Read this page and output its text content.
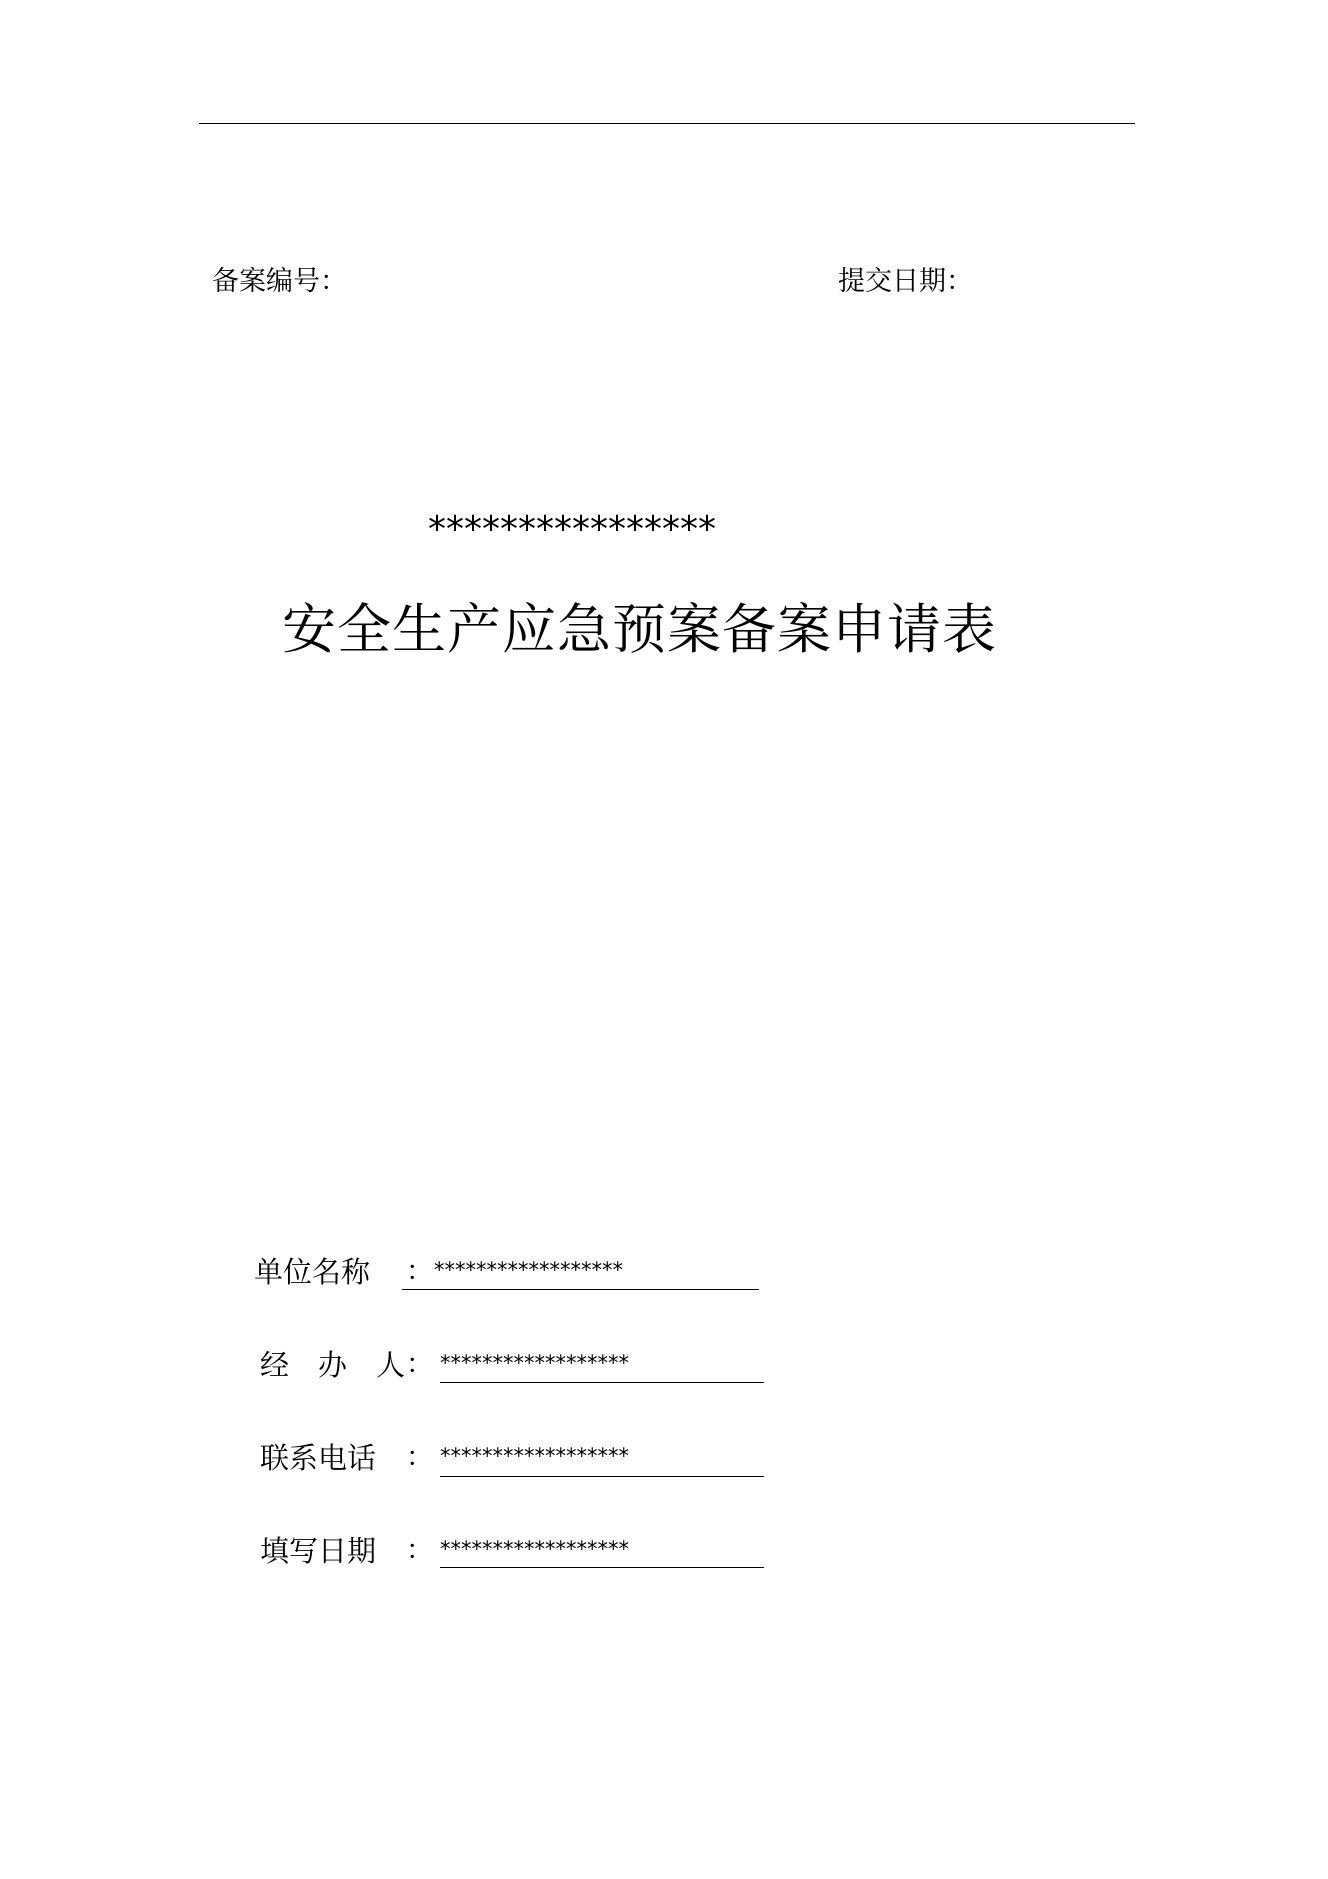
备案编号：	提交日期：
****************
安全生产应急预案备案申请表
单位名称 ： ******************
经　办　人 ： ******************
联系电话 ： ******************
填写日期 ： ******************
